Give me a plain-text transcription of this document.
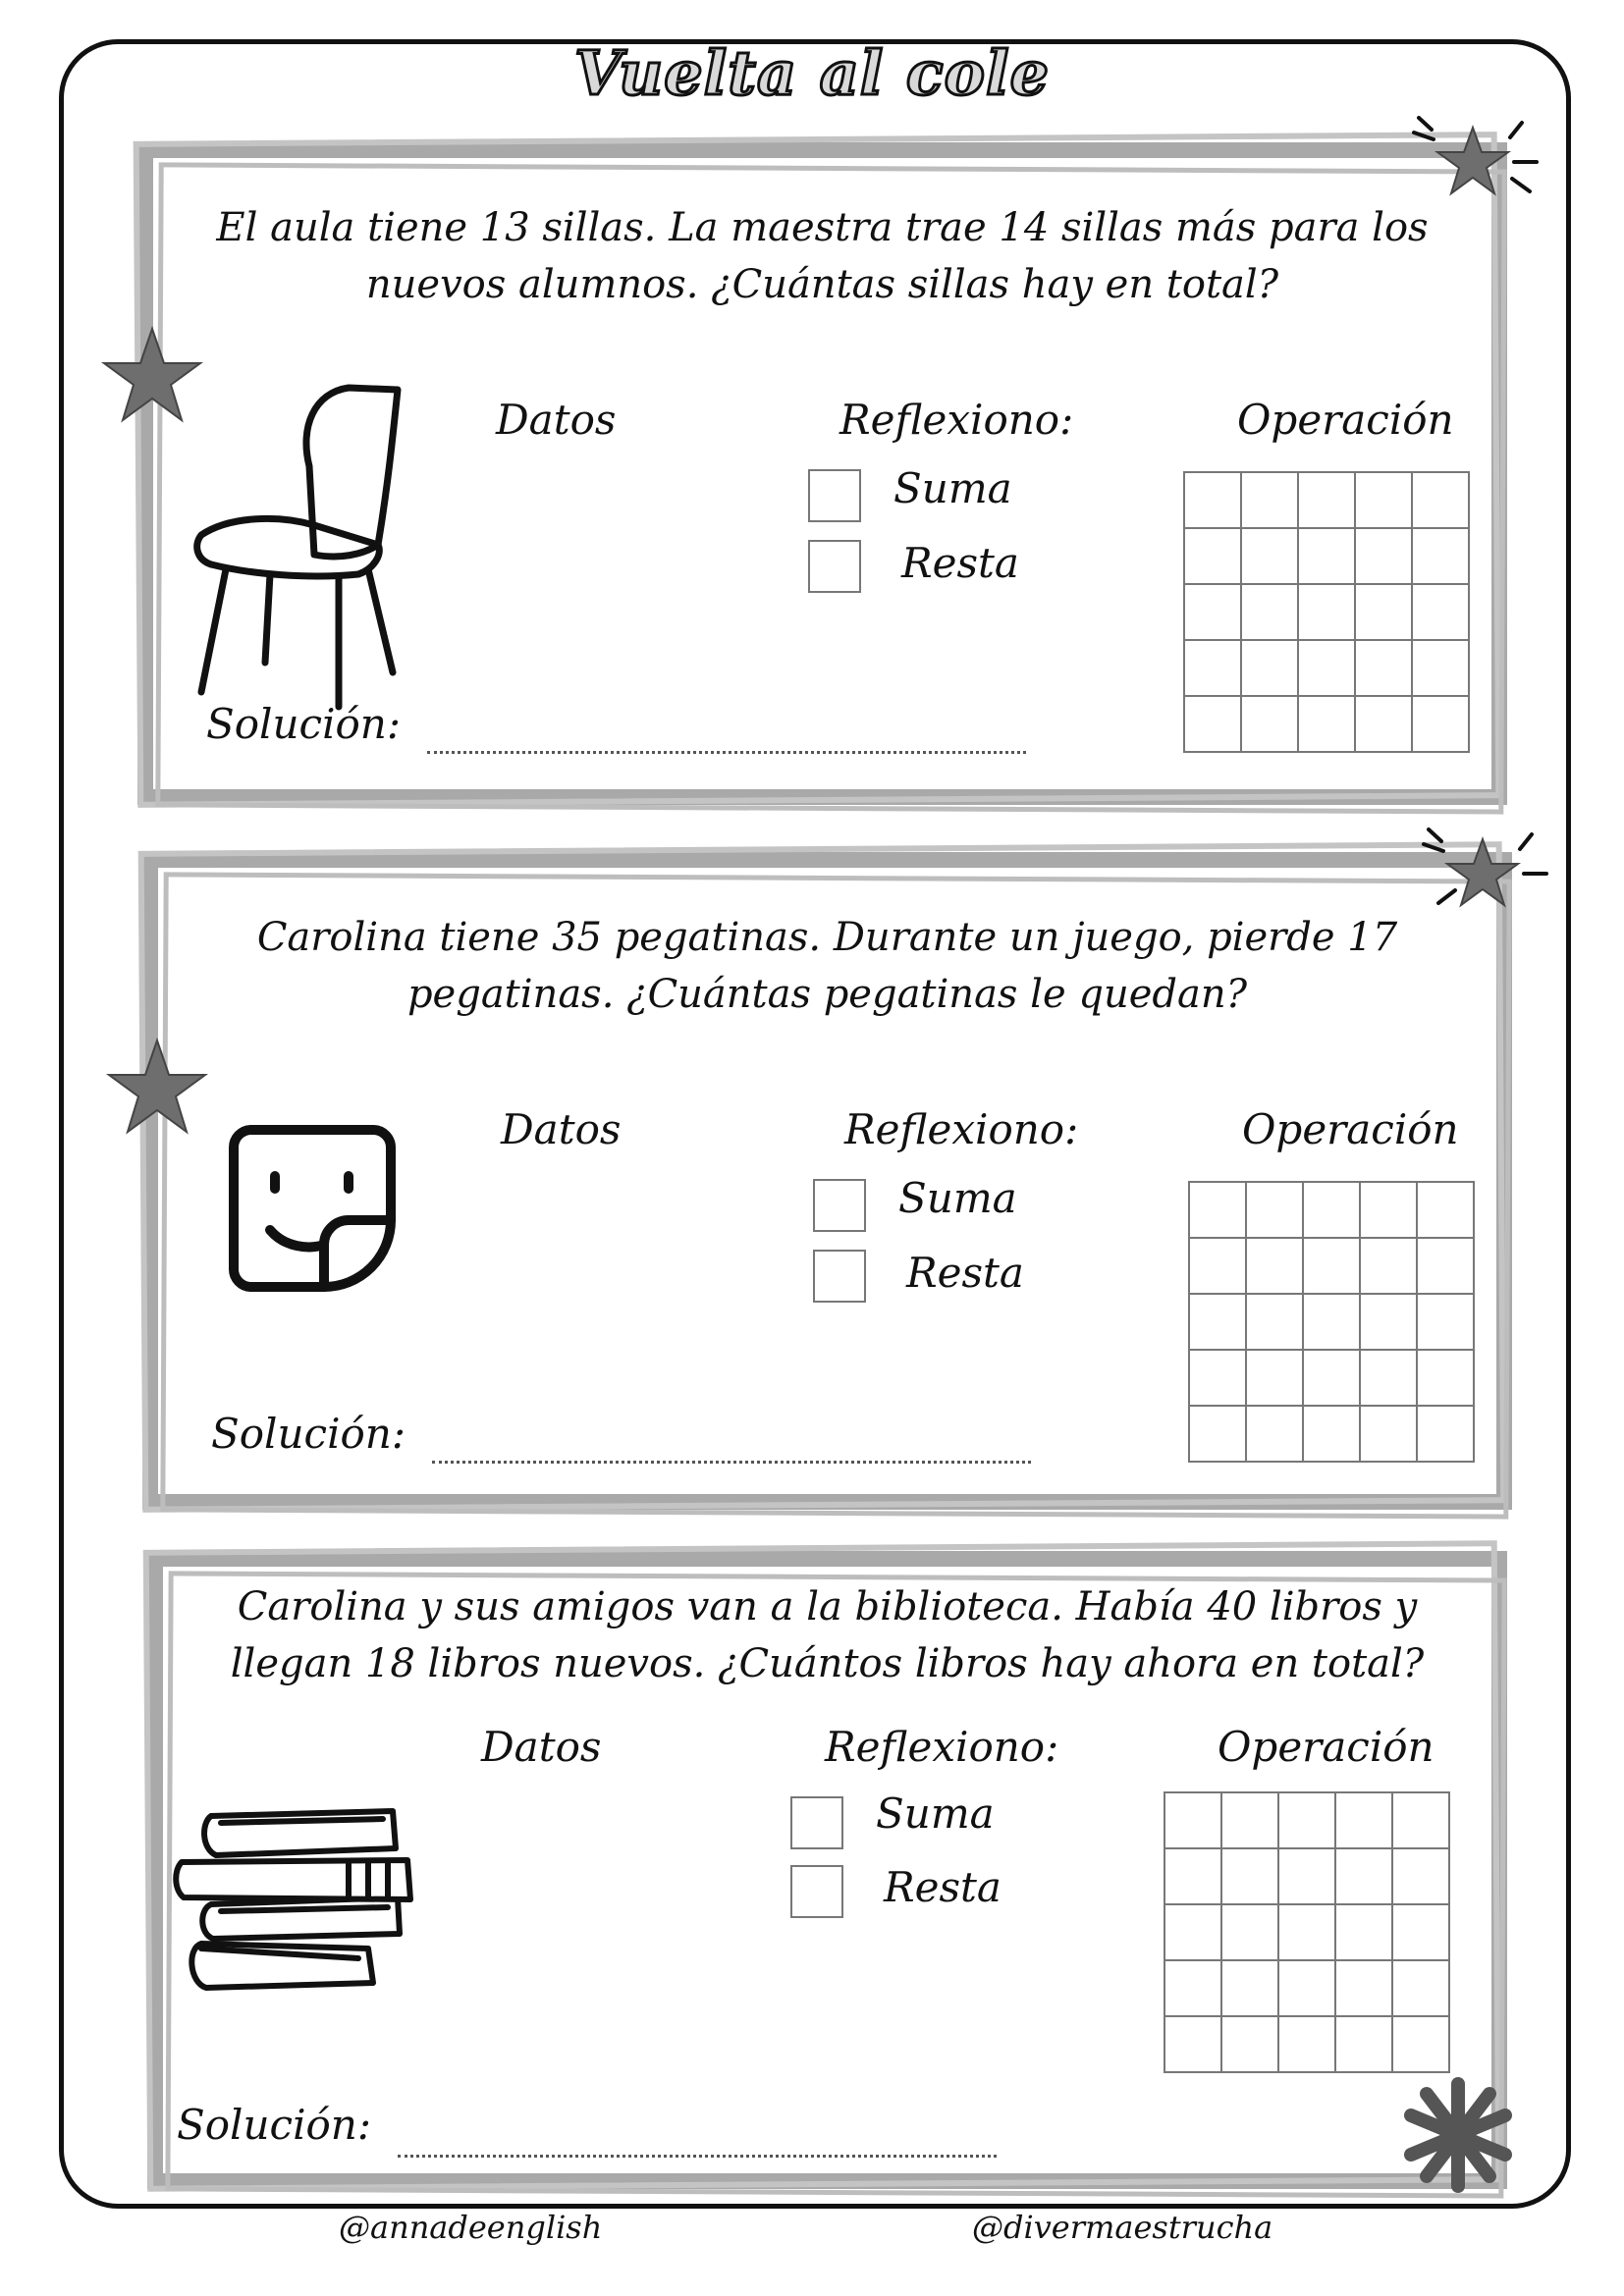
Vuelta al cole
El aula tiene 13 sillas. La maestra trae 14 sillas más para los
nuevos alumnos. ¿Cuántas sillas hay en total?
Datos	Reflexiono:	Operación
Suma
Resta
Solución:
Carolina tiene 35 pegatinas. Durante un juego, pierde 17
pegatinas. ¿Cuántas pegatinas le quedan?
Datos	Reflexiono:	Operación
Suma
Resta
Solución:
Carolina y sus amigos van a la biblioteca. Había 40 libros y
llegan 18 libros nuevos. ¿Cuántos libros hay ahora en total?
Datos	Reflexiono:	Operación
Suma
Resta
Solución:
@annadeenglish	@divermaestrucha
